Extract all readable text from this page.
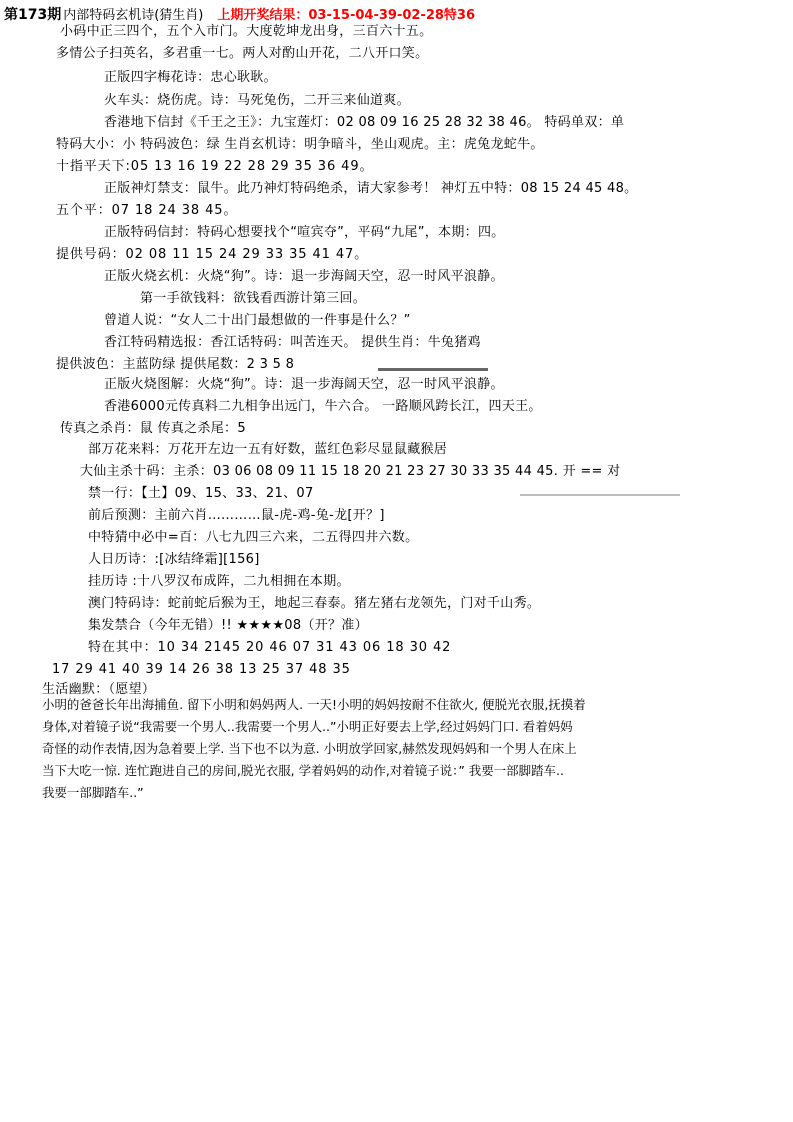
第173期 内部特码玄机诗(猜生肖) 上期开奖结果：03-15-04-39-02-28特36
小码中正三四个，五个入市门。大度乾坤龙出身，三百六十五。
多情公子扫英名，多君重一七。两人对酌山开花，二八开口笑。
正版四字梅花诗：忠心耿耿。
火车头：烧伤虎。诗：马死兔伤，二开三来仙道爽。
香港地下信封《千王之王》：九宝莲灯：02 08 09 16 25 28 32 38 46。 特码单双：单
特码大小：小 特码波色：绿 生肖玄机诗：明争暗斗，坐山观虎。主：虎兔龙蛇牛。
十指平天下:05 13 16 19 22 28 29 35 36 49。
正版神灯禁支：鼠牛。此乃神灯特码绝杀，请大家参考！ 神灯五中特：08 15 24 45 48。
五个平：07 18 24 38 45。
正版特码信封：特码心想要找个“喧宾夺”，平码“九尾”，本期：四。
提供号码：02 08 11 15 24 29 33 35 41 47。
正版火烧玄机：火烧“狗”。诗：退一步海阔天空，忍一时风平浪静。
第一手欲钱料：欲钱看西游计第三回。
曾道人说：“女人二十出门最想做的一件事是什么？”
香江特码精选报：香江话特码：叫苦连天。 提供生肖：牛兔猪鸡
提供波色：主蓝防绿 提供尾数：2 3 5 8
正版火烧图解：火烧“狗”。诗：退一步海阔天空，忍一时风平浪静。
香港6000元传真料二九相争出远门，牛六合。 一路顺风跨长江，四天王。
传真之杀肖：鼠 传真之杀尾：5
部万花来料：万花开左边一五有好数，蓝红色彩尽显鼠藏猴居
大仙主杀十码：主杀：03 06 08 09 11 15 18 20 21 23 27 30 33 35 44 45. 开 == 对
禁一行：【土】09、15、33、21、07
前后预测：主前六肖…………鼠-虎-鸡-兔-龙[开？]
中特猜中必中=百：八七九四三六来，二五得四井六数。
人日历诗：:[冰结绛霜][156]
挂历诗 :十八罗汉布成阵，二九相拥在本期。
澳门特码诗：蛇前蛇后猴为王，地起三春泰。猪左猪右龙领先，门对千山秀。
集发禁合（今年无错）!! ★★★★08（开？准）
特在其中：10 34 2145 20 46 07 31 43 06 18 30 42
17 29 41 40 39 14 26 38 13 25 37 48 35
生活幽默：（愿望）
小明的爸爸长年出海捕鱼. 留下小明和妈妈两人. 一天!小明的妈妈按耐不住欲火, 便脱光衣服,抚摸着
身体,对着镜子说“我需要一个男人..我需要一个男人..”小明正好要去上学,经过妈妈门口. 看着妈妈
奇怪的动作表情,因为急着要上学. 当下也不以为意. 小明放学回家,赫然发现妈妈和一个男人在床上
当下大吃一惊. 连忙跑进自己的房间,脱光衣服, 学着妈妈的动作,对着镜子说：” 我要一部脚踏车..
我要一部脚踏车..”
